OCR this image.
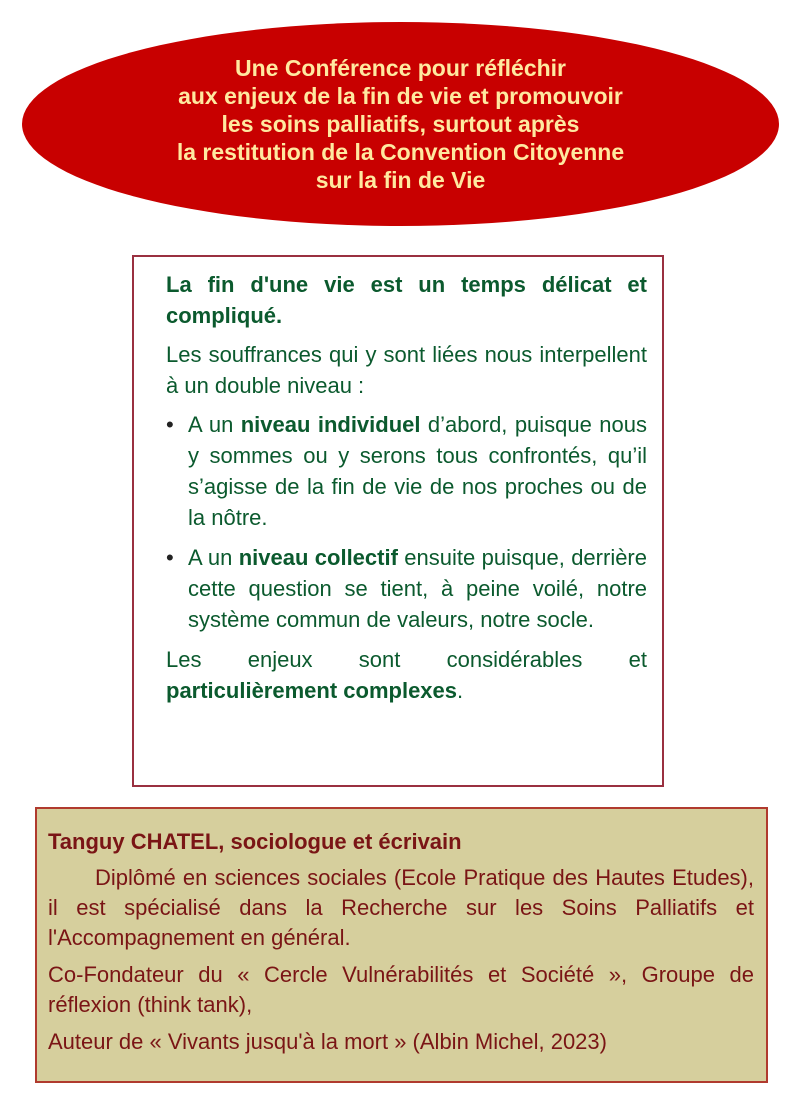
Une Conférence pour réfléchir
aux enjeux de la fin de vie et promouvoir
les soins palliatifs, surtout après
la restitution de la Convention Citoyenne
sur la fin de Vie

La fin d'une vie est un temps délicat et compliqué.

Les souffrances qui y sont liées nous interpellent à un double niveau :

• A un niveau individuel d’abord, puisque nous y sommes ou y serons tous confrontés, qu’il s’agisse de la fin de vie de nos proches ou de la nôtre.
• A un niveau collectif ensuite puisque, derrière cette question se tient, à peine voilé, notre système commun de valeurs, notre socle.

Les enjeux sont considérables et particulièrement complexes.

Tanguy CHATEL, sociologue et écrivain

Diplômé en sciences sociales (Ecole Pratique des Hautes Etudes), il est spécialisé dans la Recherche sur les Soins Palliatifs et l'Accompagnement en général.

Co-Fondateur du « Cercle Vulnérabilités et Société », Groupe de réflexion (think tank),

Auteur de « Vivants jusqu'à la mort » (Albin Michel, 2023)
